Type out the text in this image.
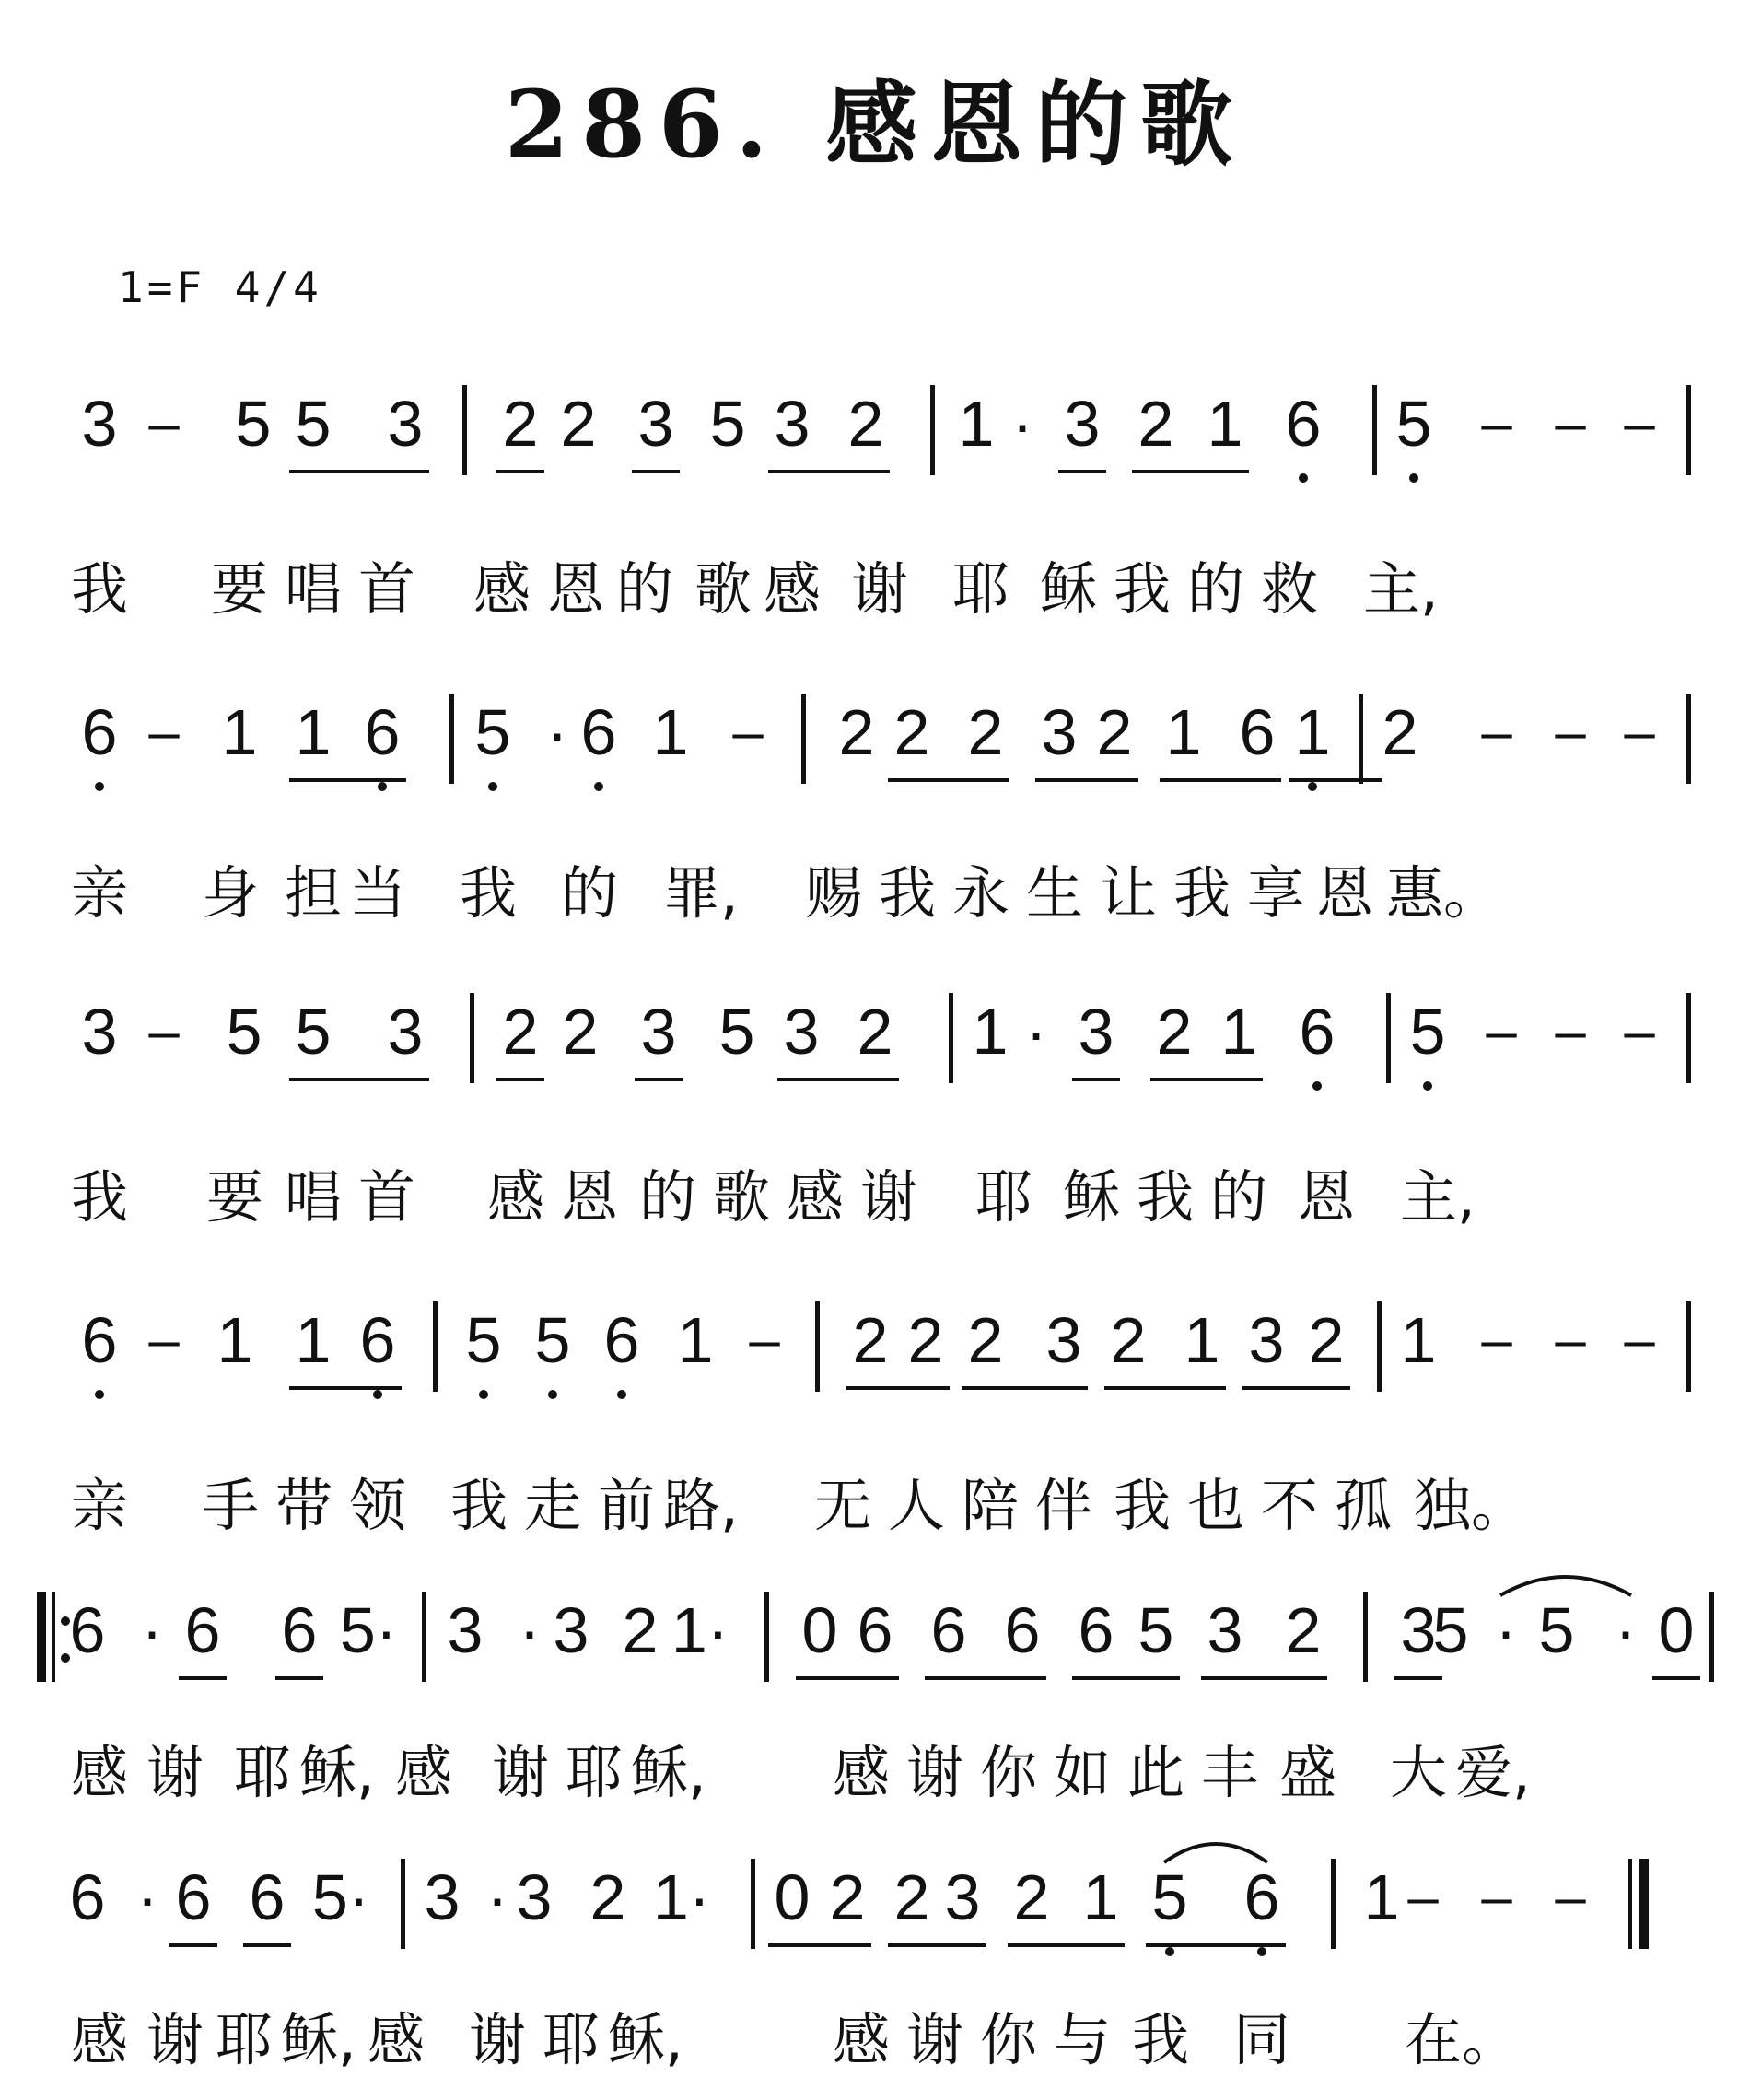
286. 感恩的歌
1=F 4/4
3 – 5 5 3 2 2 3 5 3 2 1 · 3 2 1 6 5 – – –
我 要 唱 首 感 恩 的 歌 感 谢 耶 稣 我 的 救 主,
6 – 1 1 6 5 · 6 1 –	2 2 2 3 2 1 6 1 2	– – –
亲 身 担 当 我 的 罪, 赐 我 永 生 让 我 享 恩 惠。
3 – 5 5 3 2 2 3 5 3 2 1 · 3 2 1 6 5 – – –
我 要 唱 首 感 恩 的 歌 感 谢 耶 稣 我 的 恩 主,
6 – 1 1 6 5 5 6 1 –	2 2 2 3 2 1 3 2 1 – – –
亲 手 带 领 我 走 前 路, 无 人 陪 伴 我 也 不 孤 独。
6 · 6 6 5· 3 · 3 2 1· 0 6 6 6 6 5 3 2 3
5 · 5 · 0
感 谢 耶 稣, 感 谢 耶 稣, 感 谢 你 如 此 丰 盛 大 爱,
6 · 6 6 5· 3 · 3 2 1· 0 2 2 3 2 1 5 6 1 – – –
感 谢 耶 稣, 感 谢 耶 稣,	感 谢 你 与 我 同 在。
